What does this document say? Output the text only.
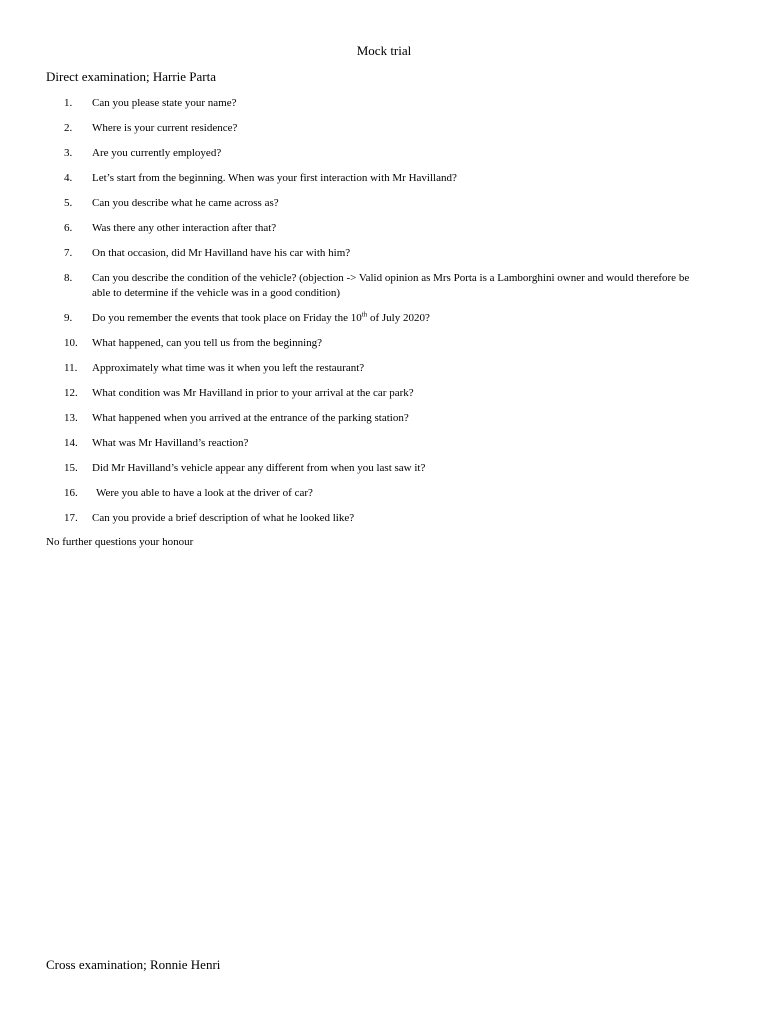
Mock trial
Direct examination; Harrie Parta
1.	Can you please state your name?
2.	Where is your current residence?
3.	Are you currently employed?
4.	Let’s start from the beginning. When was your first interaction with Mr Havilland?
5.	Can you describe what he came across as?
6.	Was there any other interaction after that?
7.	On that occasion, did Mr Havilland have his car with him?
8.	Can you describe the condition of the vehicle? (objection -> Valid opinion as Mrs Porta is a Lamborghini owner and would therefore be able to determine if the vehicle was in a good condition)
9.	Do you remember the events that took place on Friday the 10th of July 2020?
10.	What happened, can you tell us from the beginning?
11.	Approximately what time was it when you left the restaurant?
12.	What condition was Mr Havilland in prior to your arrival at the car park?
13.	What happened when you arrived at the entrance of the parking station?
14.	What was Mr Havilland’s reaction?
15.	Did Mr Havilland’s vehicle appear any different from when you last saw it?
16.	Were you able to have a look at the driver of car?
17.	Can you provide a brief description of what he looked like?
No further questions your honour
Cross examination; Ronnie Henri
